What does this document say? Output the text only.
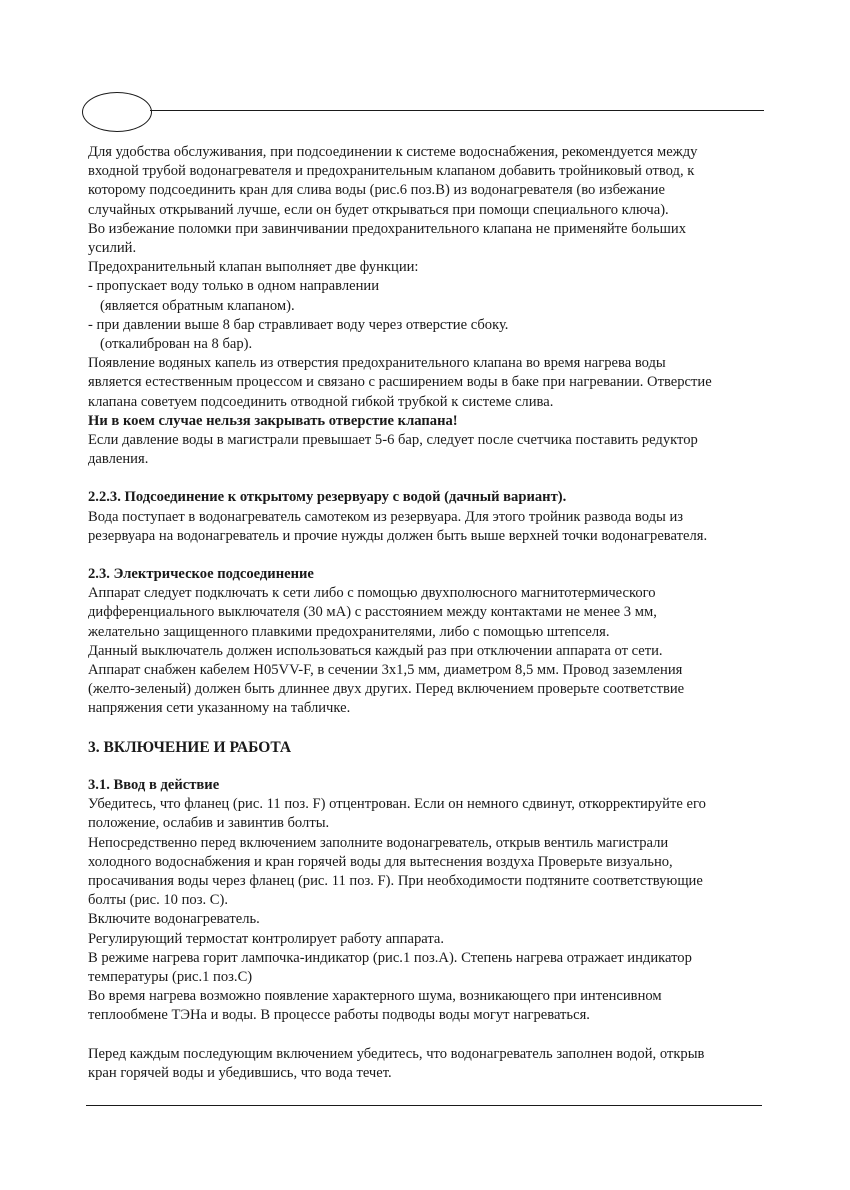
Для удобства обслуживания, при подсоединении к системе водоснабжения, рекомендуется между
входной трубой водонагревателя и предохранительным клапаном добавить тройниковый отвод, к
которому подсоединить кран для слива воды (рис.6 поз.В) из водонагревателя (во избежание
случайных открываний лучше, если он будет открываться при помощи специального ключа).
Во избежание поломки при завинчивании предохранительного клапана не применяйте больших
усилий.
Предохранительный клапан выполняет две функции:
- пропускает воду только в одном направлении
(является обратным клапаном).
- при давлении выше 8 бар стравливает воду через отверстие сбоку.
(откалиброван на 8 бар).
Появление водяных капель из отверстия предохранительного клапана во время нагрева воды
является естественным процессом и связано с расширением воды в баке при нагревании. Отверстие
клапана советуем подсоединить отводной гибкой трубкой к системе слива.
Ни в коем случае нельзя закрывать отверстие клапана!
Если давление воды в магистрали превышает 5-6 бар, следует после счетчика поставить редуктор
давления.
2.2.3. Подсоединение к открытому резервуару с водой (дачный вариант).
Вода поступает в водонагреватель самотеком из резервуара. Для этого тройник развода воды из
резервуара на водонагреватель и прочие нужды должен быть выше верхней точки водонагревателя.
2.3. Электрическое подсоединение
Аппарат следует подключать к сети либо с помощью двухполюсного магнитотермического
дифференциального выключателя (30 мА) с расстоянием между контактами не менее 3 мм,
желательно защищенного плавкими предохранителями, либо с помощью штепселя.
Данный выключатель должен использоваться каждый раз при отключении аппарата от сети.
Аппарат снабжен кабелем H05VV-F, в сечении 3x1,5 мм, диаметром 8,5 мм. Провод заземления
(желто-зеленый) должен быть длиннее двух других. Перед включением проверьте соответствие
напряжения сети указанному на табличке.
3. ВКЛЮЧЕНИЕ И РАБОТА
3.1. Ввод в действие
Убедитесь, что фланец (рис. 11 поз. F) отцентрован. Если он немного сдвинут, откорректируйте его
положение, ослабив и завинтив болты.
Непосредственно перед включением заполните водонагреватель, открыв вентиль магистрали
холодного водоснабжения и кран горячей воды для вытеснения воздуха Проверьте визуально,
просачивания воды через фланец (рис. 11 поз. F). При необходимости подтяните соответствующие
болты (рис. 10 поз. С).
Включите водонагреватель.
Регулирующий термостат контролирует работу аппарата.
В режиме нагрева горит лампочка-индикатор (рис.1 поз.А). Степень нагрева отражает индикатор
температуры (рис.1 поз.С)
Во время нагрева возможно появление характерного шума, возникающего при интенсивном
теплообмене ТЭНа и воды. В процессе работы подводы воды могут нагреваться.
Перед каждым последующим включением убедитесь, что водонагреватель заполнен водой, открыв
кран горячей воды и убедившись, что вода течет.
